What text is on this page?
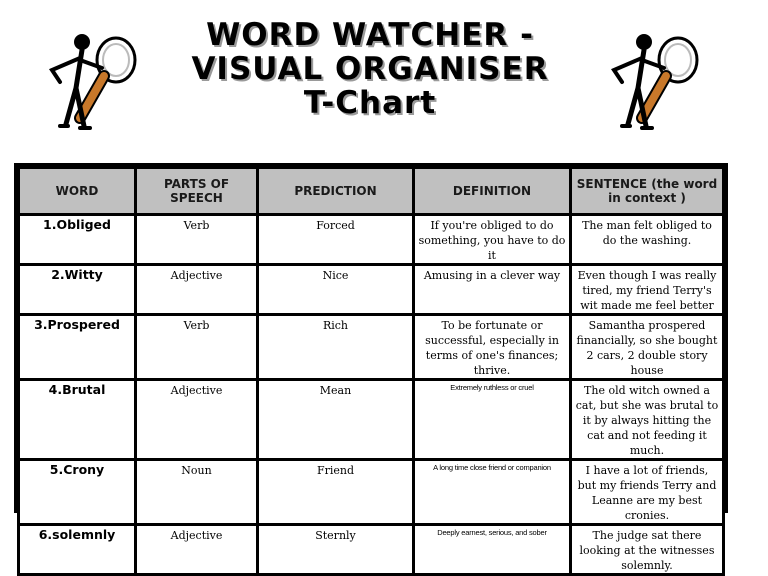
WORD WATCHER -
VISUAL ORGANISER
T-Chart
WORD	PARTS OF SPEECH	PREDICTION	DEFINITION	SENTENCE (the word in context )
1.Obliged	Verb	Forced	If you're obliged to do something, you have to do it	The man felt obliged to do the washing.
2.Witty	Adjective	Nice	Amusing in a clever way	Even though I was really tired, my friend Terry's wit made me feel better
3.Prospered	Verb	Rich	To be fortunate or successful, especially in terms of one's finances; thrive.	Samantha prospered financially, so she bought 2 cars, 2 double story house
4.Brutal	Adjective	Mean	Extremely ruthless or cruel	The old witch owned a cat, but she was brutal to it by always hitting the cat and not feeding it much.
5.Crony	Noun	Friend	A long time close friend or companion	I have a lot of friends, but my friends Terry and Leanne are my best cronies.
6.solemnly	Adjective	Sternly	Deeply earnest, serious, and sober	The judge sat there looking at the witnesses solemnly.
